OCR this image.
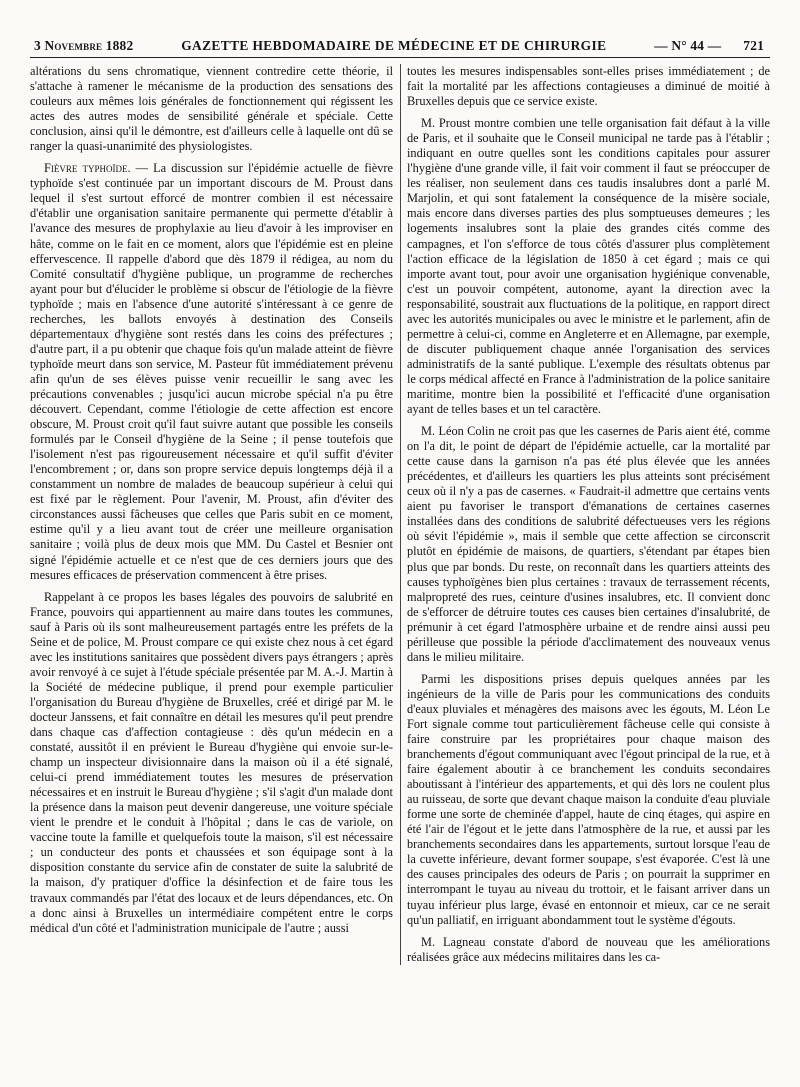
3 Novembre 1882	GAZETTE HEBDOMADAIRE DE MÉDECINE ET DE CHIRURGIE	— N° 44 — 721

altérations du sens chromatique, viennent contredire cette théorie, il s'attache à ramener le mécanisme de la production des sensations des couleurs aux mêmes lois générales de fonctionnement qui régissent les actes des autres modes de sensibilité générale et spéciale. Cette conclusion, ainsi qu'il le démontre, est d'ailleurs celle à laquelle ont dû se ranger la quasi-unanimité des physiologistes.

Fièvre typhoïde. — La discussion sur l'épidémie actuelle de fièvre typhoïde s'est continuée par un important discours de M. Proust dans lequel il s'est surtout efforcé de montrer combien il est nécessaire d'établir une organisation sanitaire permanente qui permette d'établir à l'avance des mesures de prophylaxie au lieu d'avoir à les improviser en hâte, comme on le fait en ce moment, alors que l'épidémie est en pleine effervescence. Il rappelle d'abord que dès 1879 il rédigea, au nom du Comité consultatif d'hygiène publique, un programme de recherches ayant pour but d'élucider le problème si obscur de l'étiologie de la fièvre typhoïde ; mais en l'absence d'une autorité s'intéressant à ce genre de recherches, les ballots envoyés à destination des Conseils départementaux d'hygiène sont restés dans les coins des préfectures ; d'autre part, il a pu obtenir que chaque fois qu'un malade atteint de fièvre typhoïde meurt dans son service, M. Pasteur fût immédiatement prévenu afin qu'un de ses élèves puisse venir recueillir le sang avec les précautions convenables ; jusqu'ici aucun microbe spécial n'a pu être découvert. Cependant, comme l'étiologie de cette affection est encore obscure, M. Proust croit qu'il faut suivre autant que possible les conseils formulés par le Conseil d'hygiène de la Seine ; il pense toutefois que l'isolement n'est pas rigoureusement nécessaire et qu'il suffit d'éviter l'encombrement ; or, dans son propre service depuis longtemps déjà il a constamment un nombre de malades de beaucoup supérieur à celui qui est fixé par le règlement. Pour l'avenir, M. Proust, afin d'éviter des circonstances aussi fâcheuses que celles que Paris subit en ce moment, estime qu'il y a lieu avant tout de créer une meilleure organisation sanitaire ; voilà plus de deux mois que MM. Du Castel et Besnier ont signé l'épidémie actuelle et ce n'est que de ces derniers jours que des mesures efficaces de préservation commencent à être prises.

Rappelant à ce propos les bases légales des pouvoirs de salubrité en France, pouvoirs qui appartiennent au maire dans toutes les communes, sauf à Paris où ils sont malheureusement partagés entre les préfets de la Seine et de police, M. Proust compare ce qui existe chez nous à cet égard avec les institutions sanitaires que possèdent divers pays étrangers ; après avoir renvoyé à ce sujet à l'étude spéciale présentée par M. A.-J. Martin à la Société de médecine publique, il prend pour exemple particulier l'organisation du Bureau d'hygiène de Bruxelles, créé et dirigé par M. le docteur Janssens, et fait connaître en détail les mesures qu'il peut prendre dans chaque cas d'affection contagieuse : dès qu'un médecin en a constaté, aussitôt il en prévient le Bureau d'hygiène qui envoie sur-le-champ un inspecteur divisionnaire dans la maison où il a été signalé, celui-ci prend immédiatement toutes les mesures de préservation nécessaires et en instruit le Bureau d'hygiène ; s'il s'agit d'un malade dont la présence dans la maison peut devenir dangereuse, une voiture spéciale vient le prendre et le conduit à l'hôpital ; dans le cas de variole, on vaccine toute la famille et quelquefois toute la maison, s'il est nécessaire ; un conducteur des ponts et chaussées et son équipage sont à la disposition constante du service afin de constater de suite la salubrité de la maison, d'y pratiquer d'office la désinfection et de faire tous les travaux commandés par l'état des locaux et de leurs dépendances, etc. On a donc ainsi à Bruxelles un intermédiaire compétent entre le corps médical d'un côté et l'administration municipale de l'autre ; aussi

toutes les mesures indispensables sont-elles prises immédiatement ; de fait la mortalité par les affections contagieuses a diminué de moitié à Bruxelles depuis que ce service existe.

M. Proust montre combien une telle organisation fait défaut à la ville de Paris, et il souhaite que le Conseil municipal ne tarde pas à l'établir ; indiquant en outre quelles sont les conditions capitales pour assurer l'hygiène d'une grande ville, il fait voir comment il faut se préoccuper de les réaliser, non seulement dans ces taudis insalubres dont a parlé M. Marjolin, et qui sont fatalement la conséquence de la misère sociale, mais encore dans diverses parties des plus somptueuses demeures ; les logements insalubres sont la plaie des grandes cités comme des campagnes, et l'on s'efforce de tous côtés d'assurer plus complètement l'action efficace de la législation de 1850 à cet égard ; mais ce qui importe avant tout, pour avoir une organisation hygiénique convenable, c'est un pouvoir compétent, autonome, ayant la direction avec la responsabilité, soustrait aux fluctuations de la politique, en rapport direct avec les autorités municipales ou avec le ministre et le parlement, afin de permettre à celui-ci, comme en Angleterre et en Allemagne, par exemple, de discuter publiquement chaque année l'organisation des services administratifs de la santé publique. L'exemple des résultats obtenus par le corps médical affecté en France à l'administration de la police sanitaire maritime, montre bien la possibilité et l'efficacité d'une organisation ayant de telles bases et un tel caractère.

M. Léon Colin ne croit pas que les casernes de Paris aient été, comme on l'a dit, le point de départ de l'épidémie actuelle, car la mortalité par cette cause dans la garnison n'a pas été plus élevée que les années précédentes, et d'ailleurs les quartiers les plus atteints sont précisément ceux où il n'y a pas de casernes. « Faudrait-il admettre que certains vents aient pu favoriser le transport d'émanations de certaines casernes installées dans des conditions de salubrité défectueuses vers les régions où sévit l'épidémie », mais il semble que cette affection se circonscrit plutôt en épidémie de maisons, de quartiers, s'étendant par étapes bien plus que par bonds. Du reste, on reconnaît dans les quartiers atteints des causes typhoïgènes bien plus certaines : travaux de terrassement récents, malpropreté des rues, ceinture d'usines insalubres, etc. Il convient donc de s'efforcer de détruire toutes ces causes bien certaines d'insalubrité, de prémunir à cet égard l'atmosphère urbaine et de rendre ainsi aussi peu périlleuse que possible la période d'acclimatement des nouveaux venus dans le milieu militaire.

Parmi les dispositions prises depuis quelques années par les ingénieurs de la ville de Paris pour les communications des conduits d'eaux pluviales et ménagères des maisons avec les égouts, M. Léon Le Fort signale comme tout particulièrement fâcheuse celle qui consiste à faire construire par les propriétaires pour chaque maison des branchements d'égout communiquant avec l'égout principal de la rue, et à faire également aboutir à ce branchement les conduits secondaires aboutissant à l'intérieur des appartements, et qui dès lors ne coulent plus au ruisseau, de sorte que devant chaque maison la conduite d'eau pluviale forme une sorte de cheminée d'appel, haute de cinq étages, qui aspire en été l'air de l'égout et le jette dans l'atmosphère de la rue, et aussi par les branchements secondaires dans les appartements, surtout lorsque l'eau de la cuvette inférieure, devant former soupape, s'est évaporée. C'est là une des causes principales des odeurs de Paris ; on pourrait la supprimer en interrompant le tuyau au niveau du trottoir, et le faisant arriver dans un tuyau inférieur plus large, évasé en entonnoir et mieux, car ce ne serait qu'un palliatif, en irriguant abondamment tout le système d'égouts.

M. Lagneau constate d'abord de nouveau que les améliorations réalisées grâce aux médecins militaires dans les ca-
